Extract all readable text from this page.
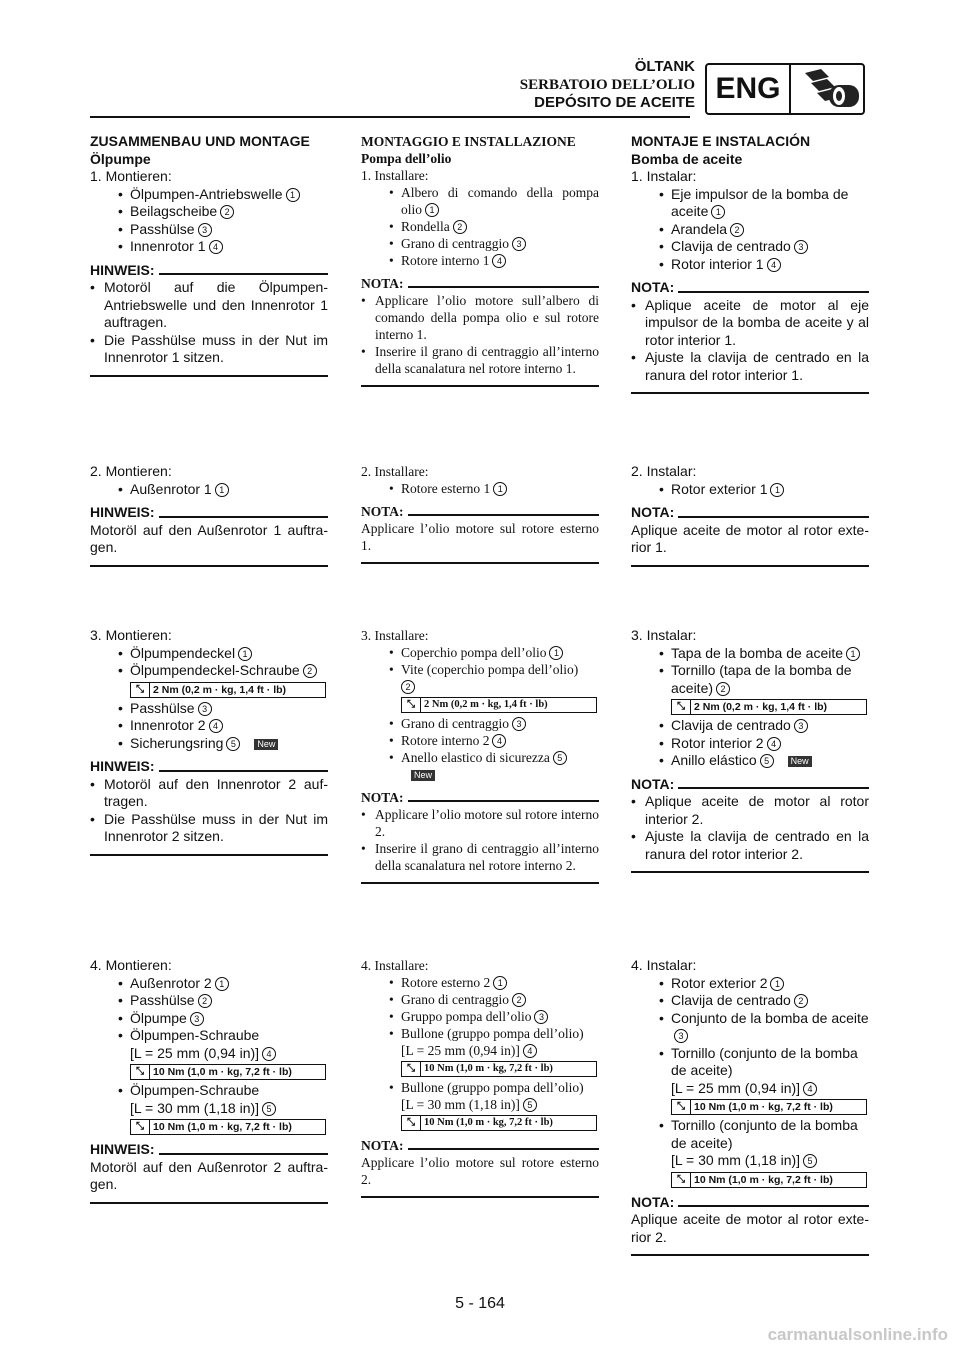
ÖLTANK
SERBATOIO DELL’OLIO
DEPÓSITO DE ACEITE ENG
ZUSAMMENBAU UND MONTAGE
Ölpumpe
1. Montieren:
• Ölpumpen-Antriebswelle 1
• Beilagscheibe 2
• Passhülse 3
• Innenrotor 1 4
HINWEIS:
• Motoröl auf die Ölpumpen-Antriebswelle und den Innenrotor 1 auftragen.
• Die Passhülse muss in der Nut im Innenrotor 1 sitzen.
2. Montieren:
• Außenrotor 1 1
HINWEIS:

Motoröl auf den Außenrotor 1 auftra-gen.

3. Montieren:
• Ölpumpendeckel 1
• Ölpumpendeckel-Schraube 2
⤡ 2 Nm (0,2 m · kg, 1,4 ft · lb)
• Passhülse 3
• Innenrotor 2 4
• Sicherungsring 5 New
HINWEIS:
• Motoröl auf den Innenrotor 2 auf-tragen.
• Die Passhülse muss in der Nut im Innenrotor 2 sitzen.
4. Montieren:
• Außenrotor 2 1
• Passhülse 2
• Ölpumpe 3
• Ölpumpen-Schraube
[L = 25 mm (0,94 in)] 4
⤡ 10 Nm (1,0 m · kg, 7,2 ft · lb)
• Ölpumpen-Schraube
[L = 30 mm (1,18 in)] 5
⤡ 10 Nm (1,0 m · kg, 7,2 ft · lb)
HINWEIS:

Motoröl auf den Außenrotor 2 auftra-gen.

MONTAGGIO E INSTALLAZIONE
Pompa dell’olio
1. Installare:
• Albero di comando della pompa olio 1
• Rondella 2
• Grano di centraggio 3
• Rotore interno 1 4
NOTA:
• Applicare l’olio motore sull’albero di comando della pompa olio e sul rotore interno 1.
• Inserire il grano di centraggio all’interno della scanalatura nel rotore interno 1.
2. Installare:
• Rotore esterno 1 1
NOTA:

Applicare l’olio motore sul rotore esterno 1.

3. Installare:
• Coperchio pompa dell’olio 1
• Vite (coperchio pompa dell’olio)
2
⤡ 2 Nm (0,2 m · kg, 1,4 ft · lb)
• Grano di centraggio 3
• Rotore interno 2 4
• Anello elastico di sicurezza 5
New
NOTA:
• Applicare l’olio motore sul rotore interno 2.
• Inserire il grano di centraggio all’interno della scanalatura nel rotore interno 2.
4. Installare:
• Rotore esterno 2 1
• Grano di centraggio 2
• Gruppo pompa dell’olio 3
• Bullone (gruppo pompa dell’olio)
[L = 25 mm (0,94 in)] 4
⤡ 10 Nm (1,0 m · kg, 7,2 ft · lb)
• Bullone (gruppo pompa dell’olio)
[L = 30 mm (1,18 in)] 5
⤡ 10 Nm (1,0 m · kg, 7,2 ft · lb)
NOTA:

Applicare l’olio motore sul rotore esterno 2.

MONTAJE E INSTALACIÓN
Bomba de aceite
1. Instalar:
• Eje impulsor de la bomba de aceite 1
• Arandela 2
• Clavija de centrado 3
• Rotor interior 1 4
NOTA:
• Aplique aceite de motor al eje impulsor de la bomba de aceite y al rotor interior 1.
• Ajuste la clavija de centrado en la ranura del rotor interior 1.
2. Instalar:
• Rotor exterior 1 1
NOTA:

Aplique aceite de motor al rotor exte-rior 1.

3. Instalar:
• Tapa de la bomba de aceite 1
• Tornillo (tapa de la bomba de aceite) 2
⤡ 2 Nm (0,2 m · kg, 1,4 ft · lb)
• Clavija de centrado 3
• Rotor interior 2 4
• Anillo elástico 5 New
NOTA:
• Aplique aceite de motor al rotor interior 2.
• Ajuste la clavija de centrado en la ranura del rotor interior 2.
4. Instalar:
• Rotor exterior 2 1
• Clavija de centrado 2
• Conjunto de la bomba de aceite3
• Tornillo (conjunto de la bomba de aceite)
[L = 25 mm (0,94 in)] 4
⤡ 10 Nm (1,0 m · kg, 7,2 ft · lb)
• Tornillo (conjunto de la bomba de aceite)
[L = 30 mm (1,18 in)] 5
⤡ 10 Nm (1,0 m · kg, 7,2 ft · lb)
NOTA:

Aplique aceite de motor al rotor exte-rior 2.

5 - 164
carmanualsonline.info
